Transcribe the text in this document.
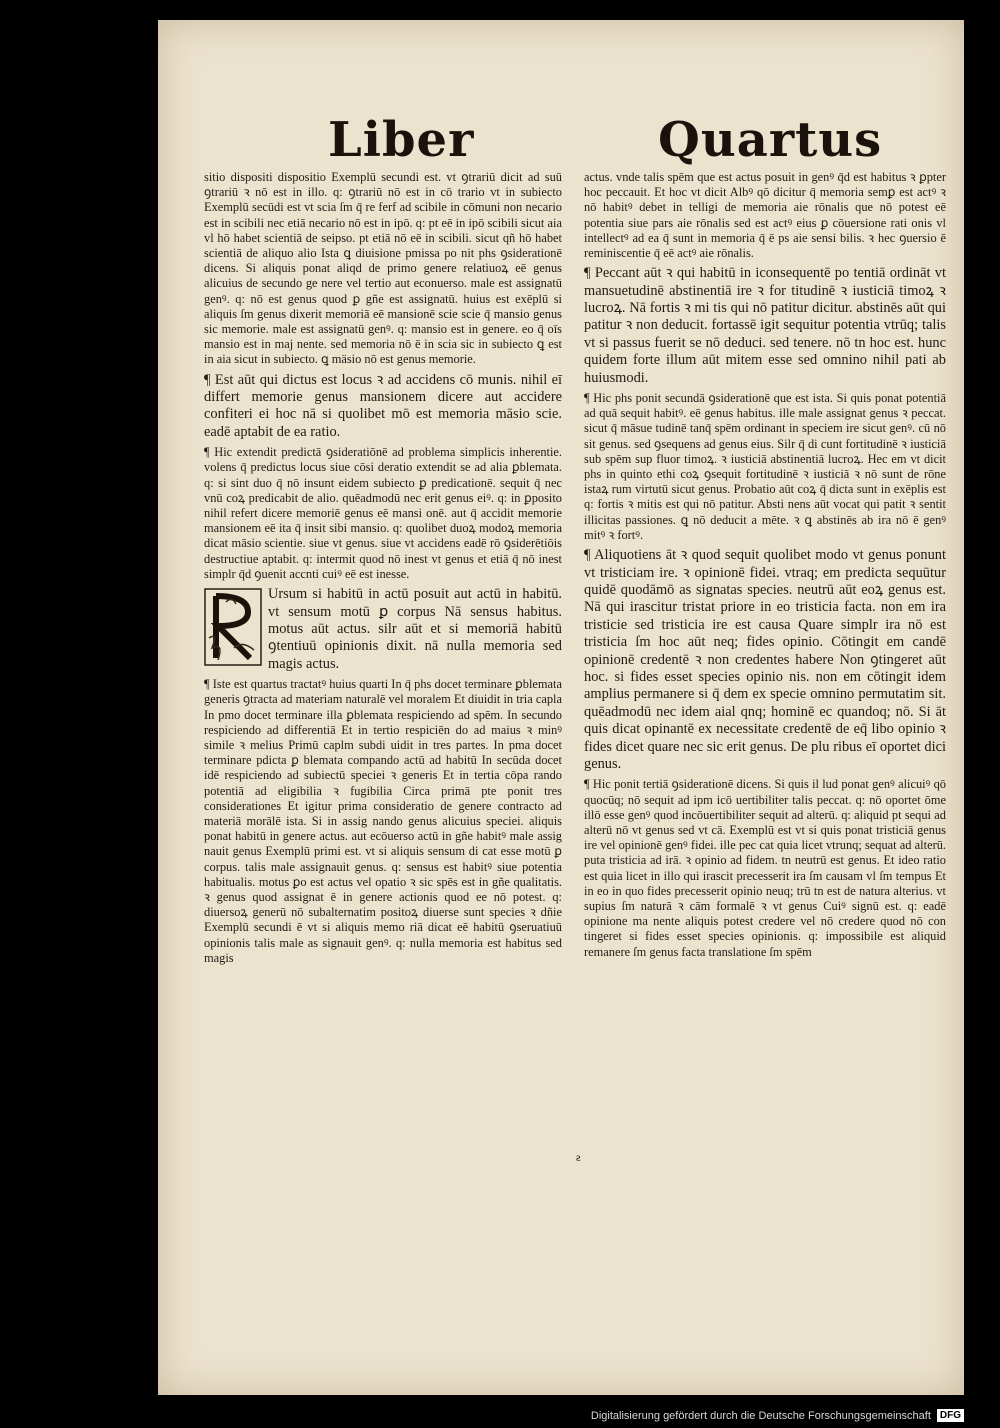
Liber	Quartus

sitio dispositi dispositio Exemplū secundi est. vt ꝯtrariū dicit ad suū ꝯtrariū ꝛ nō est in illo. q: ꝯtrariū nō est in cō trario vt in subiecto Exemplū secūdi est vt scia ſm q̄ re ferf ad scibile in cōmuni non necario est in scibili nec etiā necario nō est in ipō. q: pt eē in ipō scibili sicut aia vl hō habet scientiā de seipso. pt etiā nō eē in scibili. sicut qñ hō habet scientiā de aliquo alio Ista ꝗ diuisione pmissa po nit phs ꝯsiderationē dicens. Si aliquis ponat aliqd de primo genere relatiuoꝝ eē genus alicuius de secundo ge nere vel tertio aut econuerso. male est assignatū genꝰ. q: nō est genus quod ꝑ gñe est assignatū. huius est exēplū si aliquis ſm genus dixerit memoriā eē mansionē scie scie q̄ mansio genus sic memorie. male est assignatū genꝰ. q: mansio est in genere. eo q̄ oīs mansio est in maj nente. sed memoria nō ē in scia sic in subiecto ꝗ est in aia sicut in subiecto. ꝗ mäsio nō est genus memorie.

¶ Est aūt qui dictus est locus ꝛ ad accidens cō munis. nihil eī differt memorie genus mansionem dicere aut accidere confiteri ei hoc nā si quolibet mō est memoria māsio scie. eadē aptabit de ea ratio.

¶ Hic extendit predictā ꝯsideratiōnē ad problema simplicis inherentie. volens q̄ predictus locus siue cōsi deratio extendit se ad alia ꝑblemata. q: si sint duo q̄ nō insunt eidem subiecto ꝑ predicationē. sequit q̄ nec vnū coꝝ predicabit de alio. quēadmodū nec erit genus eiꝰ. q: in ꝑposito nihil refert dicere memoriē genus eē mansi onē. aut q̄ accidit memorie mansionem eē ita q̄ insit sibi mansio. q: quolibet duoꝝ modoꝝ memoria dicat māsio scientie. siue vt genus. siue vt accidens eadē rō ꝯsiderētiōis destructiue aptabit. q: intermit quod nō inest vt genus et etiā q̄ nō inest simplr q̄d ꝯuenit accnti cuiꝰ eē est inesse.

Ursum si habitū in actū posuit aut actū in habitū. vt sensum motū ꝑ corpus Nā sensus habitus. motus aūt actus. silr aūt et si memoriā habitū ꝯtentiuū opinionis dixit. nā nulla memoria sed magis actus.

¶ Iste est quartus tractatꝰ huius quarti In q̄ phs docet terminare ꝑblemata generis ꝯtracta ad materiam naturalē vel moralem Et diuidit in tria capla In pmo docet terminare illa ꝑblemata respiciendo ad spēm. In secundo respiciendo ad differentiā Et in tertio respiciēn do ad maius ꝛ minꝰ simile ꝛ melius Primū caplm subdi uidit in tres partes. In pma docet terminare pdicta ꝑ blemata compando actū ad habitū In secūda docet idē respiciendo ad subiectū speciei ꝛ generis Et in tertia cōpa rando potentiā ad eligibilia ꝛ fugibilia Circa primā pte ponit tres considerationes Et igitur prima consideratio de genere contracto ad materiā morālē ista. Si in assig nando genus alicuius speciei. aliquis ponat habitū in genere actus. aut ecōuerso actū in gñe habitꝰ male assig nauit genus Exemplū primi est. vt si aliquis sensum di cat esse motū ꝑ corpus. talis male assignauit genus. q: sensus est habitꝰ siue potentia habitualis. motus ꝑo est actus vel opatio ꝛ sic spēs est in gñe qualitatis. ꝛ genus quod assignat ē in genere actionis quod ee nō potest. q: diuersoꝝ generū nō subalternatim positoꝝ diuerse sunt species ꝛ dñie Exemplū secundi ē vt si aliquis memo riā dicat eē habitū ꝯseruatiuū opinionis talis male as signauit genꝰ. q: nulla memoria est habitus sed magis

actus. vnde talis spēm que est actus posuit in genꝰ q̄d est habitus ꝛ ꝑpter hoc peccauit. Et hoc vt dicit Albꝰ qō dicitur q̄ memoria semꝑ est actꝰ ꝛ nō habitꝰ debet in telligi de memoria aie rōnalis que nō potest eē potentia siue pars aie rōnalis sed est actꝰ eius ꝑ cōuersione rati onis vl intellectꝰ ad ea q̄ sunt in memoria q̄ ē ps aie sensi bilis. ꝛ hec ꝯuersio ē reminiscentie q̄ eē actꝰ aie rōnalis.

¶ Peccant aūt ꝛ qui habitū in iconsequentē po tentiā ordināt vt mansuetudinē abstinentiā ire ꝛ for titudinē ꝛ iusticiā timoꝝ ꝛ lucroꝝ. Nā fortis ꝛ mi tis qui nō patitur dicitur. abstinēs aūt qui patitur ꝛ non deducit. fortassē igit sequitur potentia vtrūq; talis vt si passus fuerit se nō deduci. sed tenere. nō tn hoc est. hunc quidem forte illum aūt mitem esse sed omnino nihil pati ab huiusmodi.

¶ Hic phs ponit secundā ꝯsiderationē que est ista. Si quis ponat potentiā ad quā sequit habitꝰ. eē genus habitus. ille male assignat genus ꝛ peccat. sicut q̄ māsue tudinē tanq̄ spēm ordinant in speciem ire sicut genꝰ. cū nō sit genus. sed ꝯsequens ad genus eius. Silr q̄ di cunt fortitudinē ꝛ iusticiā sub spēm sup fluor timoꝝ. ꝛ iusticiā abstinentiā lucroꝝ. Hec em vt dicit phs in quinto ethi coꝝ ꝯsequit fortitudinē ꝛ iusticiā ꝛ nō sunt de rōne istaꝝ rum virtutū sicut genus. Probatio aūt coꝝ q̄ dicta sunt in exēplis est q: fortis ꝛ mitis est qui nō patitur. Absti nens aūt vocat qui patit ꝛ sentit illicitas passiones. ꝗ nō deducit a mēte. ꝛ ꝗ abstinēs ab ira nō ē genꝰ mitꝰ ꝛ fortꝰ.

¶ Aliquotiens āt ꝛ quod sequit quolibet modo vt genus ponunt vt tristiciam ire. ꝛ opinionē fidei. vtraq; em predicta sequūtur quidē quodāmō as signatas species. neutrū aūt eoꝝ genus est. Nā qui irascitur tristat priore in eo tristicia facta. non em ira tristicie sed tristicia ire est causa Quare simplr ira nō est tristicia ſm hoc aūt neq; fides opinio. Cōtingit em candē opinionē credentē ꝛ non credentes habere Non ꝯtingeret aūt hoc. si fides esset species opinio nis. non em cōtingit idem amplius permanere si q̄ dem ex specie omnino permutatim sit. quēadmodū nec idem aial qnq; hominē ec quandoq; nō. Si āt quis dicat opinantē ex necessitate credentē de eq̄ libo opinio ꝛ fides dicet quare nec sic erit genus. De plu ribus eī oportet dici genus.

¶ Hic ponit tertiā ꝯsiderationē dicens. Si quis il lud ponat genꝰ alicuiꝰ qō quocūq; nō sequit ad ipm icō uertibiliter talis peccat. q: nō oportet ōme illō esse genꝰ quod incōuertibiliter sequit ad alterū. q: aliquid pt sequi ad alterū nō vt genus sed vt cā. Exemplū est vt si quis ponat tristiciā genus ire vel opinionē genꝰ fidei. ille pec cat quia licet vtrunq; sequat ad alterū. puta tristicia ad irā. ꝛ opinio ad fidem. tn neutrū est genus. Et ideo ratio est quia licet in illo qui irascit precesserit ira ſm causam vl ſm tempus Et in eo in quo fides precesserit opinio neuq; trū tn est de natura alterius. vt supius ſm naturā ꝛ cām formalē ꝛ vt genus Cuiꝰ signū est. q: eadē opinione ma nente aliquis potest credere vel nō credere quod nō con tingeret si fides esset species opinionis. q: impossibile est aliquid remanere ſm genus facta translatione ſm spēm

ƨ
Digitalisierung gefördert durch die Deutsche Forschungsgemeinschaft DFG
